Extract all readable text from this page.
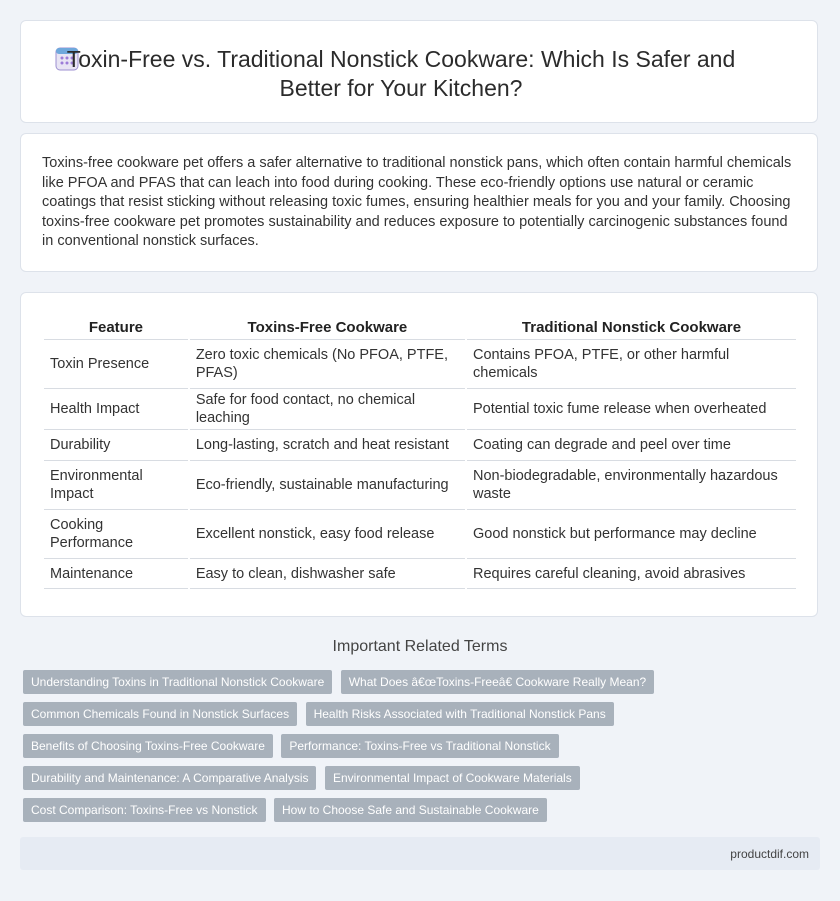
Toxin-Free vs. Traditional Nonstick Cookware: Which Is Safer and Better for Your Kitchen?

Toxins-free cookware pet offers a safer alternative to traditional nonstick pans, which often contain harmful chemicals like PFOA and PFAS that can leach into food during cooking. These eco-friendly options use natural or ceramic coatings that resist sticking without releasing toxic fumes, ensuring healthier meals for you and your family. Choosing toxins-free cookware pet promotes sustainability and reduces exposure to potentially carcinogenic substances found in conventional nonstick surfaces.

Feature	Toxins-Free Cookware	Traditional Nonstick Cookware
Toxin Presence	Zero toxic chemicals (No PFOA, PTFE, PFAS)	Contains PFOA, PTFE, or other harmful chemicals
Health Impact	Safe for food contact, no chemical leaching	Potential toxic fume release when overheated
Durability	Long-lasting, scratch and heat resistant	Coating can degrade and peel over time
Environmental Impact	Eco-friendly, sustainable manufacturing	Non-biodegradable, environmentally hazardous waste
Cooking Performance	Excellent nonstick, easy food release	Good nonstick but performance may decline
Maintenance	Easy to clean, dishwasher safe	Requires careful cleaning, avoid abrasives
Important Related Terms
Understanding Toxins in Traditional Nonstick Cookware What Does â€œToxins-Freeâ€ Cookware Really Mean?
Common Chemicals Found in Nonstick Surfaces Health Risks Associated with Traditional Nonstick Pans
Benefits of Choosing Toxins-Free Cookware Performance: Toxins-Free vs Traditional Nonstick
Durability and Maintenance: A Comparative Analysis Environmental Impact of Cookware Materials
Cost Comparison: Toxins-Free vs Nonstick How to Choose Safe and Sustainable Cookware
productdif.com
